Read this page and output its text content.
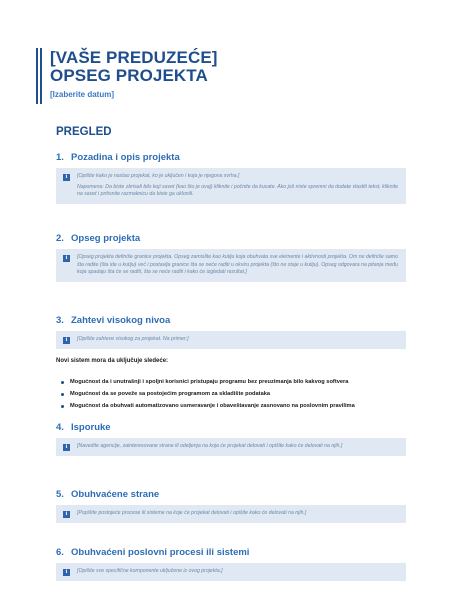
[VAŠE PREDUZEĆE]
OPSEG PROJEKTA
[Izaberite datum]
PREGLED
1. Pozadina i opis projekta
i	[Opišite kako je nastao projekat, ko je uključen i koja je njegova svrha.]

Napomena: Da biste zbrisali bilo koji savet (kao što je ovaj) kliknite i počnite da kucate. Ako još niste spremni da dodate vlastiti tekst, kliknite na savet i pritisnite razmaknicu da biste ga uklonili.

2. Opseg projekta
i	[Opseg projekta definiše granice projekta. Opseg zamislite kao kutiju koja obuhvata sve elemente i aktivnosti projekta. Om ne definiše samo šta radite (šta ide u kutiju) već i postavlja granice šta se neće raditi u okviru projekta (što ne staje u kutiju). Opseg odgovara na pitanja među koja spadaju šta će se raditi, šta se neće raditi i kako će izgledati rezultat.]

3. Zahtevi visokog nivoa
i	[Opišite zahteve visokog za projekat. Na primer:]

Novi sistem mora da uključuje sledeće:
Mogućnost da i unutrašnji i spoljni korisnici pristupaju programu bez preuzimanja bilo kakvog softvera
Mogućnost da se poveže sa postojećim programom za skladište podataka
Mogućnost da obuhvati automatizovano usmeravanje i obaveštavanje zasnovano na poslovnim pravilima
4. Isporuke
i	[Navedite agencije, zainteresovane strane ili odeljenja na koja će projekat delovati i opišite kako će delovati na njih.]

5. Obuhvaćene strane
i	[Popišite postojeće procese ili sisteme na koje će projekat delovati i opišite kako će delovati na njih.]

6. Obuhvaćeni poslovni procesi ili sistemi
i	[Opišite sve specifične komponente uključene iz ovog projekta.]
